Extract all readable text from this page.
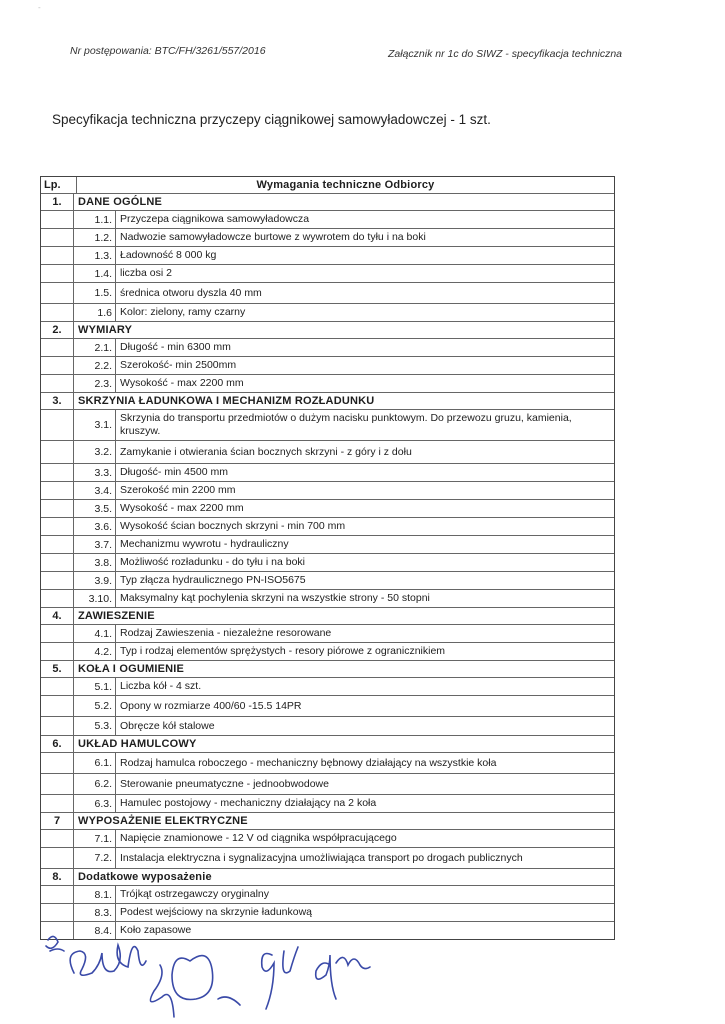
-
Nr postępowania: BTC/FH/3261/557/2016	Załącznik nr 1c do SIWZ - specyfikacja techniczna
Specyfikacja techniczna przyczepy ciągnikowej samowyładowczej - 1 szt.
Lp.	Wymagania techniczne Odbiorcy
1.	DANE OGÓLNE
1.1. Przyczepa ciągnikowa samowyładowcza
1.2. Nadwozie samowyładowcze burtowe z wywrotem do tyłu i na boki
1.3. Ładowność 8 000 kg
1.4. liczba osi 2
1.5. średnica otworu dyszla 40 mm
1.6 Kolor: zielony, ramy czarny
2.	WYMIARY
2.1. Długość - min 6300 mm
2.2. Szerokość- min 2500mm
2.3. Wysokość - max 2200 mm
3.	SKRZYNIA ŁADUNKOWA I MECHANIZM ROZŁADUNKU
3.1.
Skrzynia do transportu przedmiotów o dużym nacisku punktowym. Do przewozu gruzu, kamienia, kruszyw.
3.2. Zamykanie i otwierania ścian bocznych skrzyni - z góry i z dołu
3.3. Długość- min 4500 mm
3.4. Szerokość min 2200 mm
3.5. Wysokość - max 2200 mm
3.6. Wysokość ścian bocznych skrzyni - min 700 mm
3.7. Mechanizmu wywrotu - hydrauliczny
3.8. Możliwość rozładunku - do tyłu i na boki
3.9. Typ złącza hydraulicznego PN-ISO5675
3.10. Maksymalny kąt pochylenia skrzyni na wszystkie strony - 50 stopni
4.	ZAWIESZENIE
4.1. Rodzaj Zawieszenia - niezależne resorowane
4.2. Typ i rodzaj elementów sprężystych - resory piórowe z ogranicznikiem
5.	KOŁA I OGUMIENIE
5.1. Liczba kół - 4 szt.
5.2. Opony w rozmiarze 400/60 -15.5 14PR
5.3. Obręcze kół stalowe
6.	UKŁAD HAMULCOWY
6.1. Rodzaj hamulca roboczego - mechaniczny bębnowy działający na wszystkie koła
6.2. Sterowanie pneumatyczne - jednoobwodowe
6.3. Hamulec postojowy - mechaniczny działający na 2 koła
7	WYPOSAŻENIE ELEKTRYCZNE
7.1. Napięcie znamionowe - 12 V od ciągnika współpracującego
7.2. Instalacja elektryczna i sygnalizacyjna umożliwiająca transport po drogach publicznych
8.	Dodatkowe wyposażenie
8.1. Trójkąt ostrzegawczy oryginalny
8.3. Podest wejściowy na skrzynie ładunkową
8.4. Koło zapasowe
